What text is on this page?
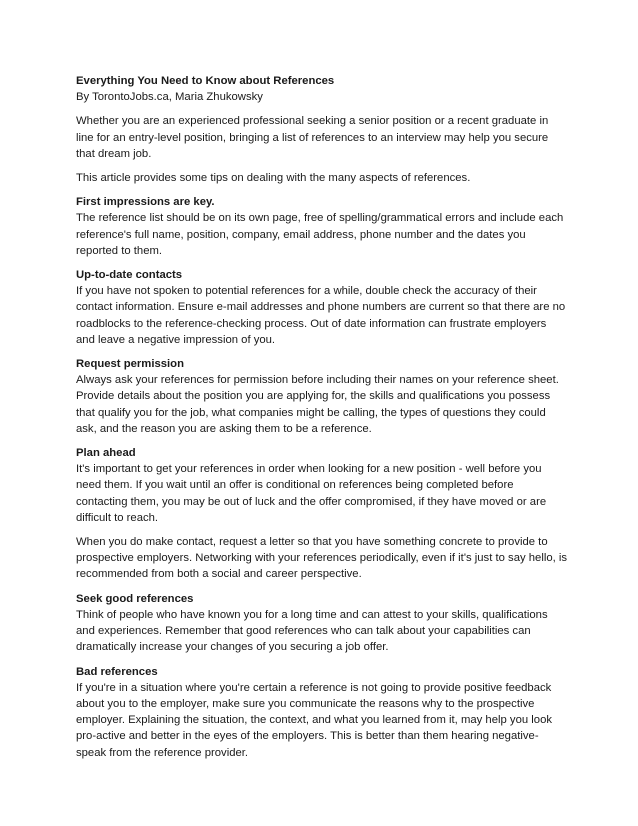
Everything You Need to Know about References

By TorontoJobs.ca, Maria Zhukowsky

Whether you are an experienced professional seeking a senior position or a recent graduate in line for an entry-level position, bringing a list of references to an interview may help you secure that dream job.

This article provides some tips on dealing with the many aspects of references.

First impressions are key.

The reference list should be on its own page, free of spelling/grammatical errors and include each reference's full name, position, company, email address, phone number and the dates you reported to them.

Up-to-date contacts

If you have not spoken to potential references for a while, double check the accuracy of their contact information. Ensure e-mail addresses and phone numbers are current so that there are no roadblocks to the reference-checking process. Out of date information can frustrate employers and leave a negative impression of you.

Request permission

Always ask your references for permission before including their names on your reference sheet. Provide details about the position you are applying for, the skills and qualifications you possess that qualify you for the job, what companies might be calling, the types of questions they could ask, and the reason you are asking them to be a reference.

Plan ahead

It's important to get your references in order when looking for a new position - well before you need them. If you wait until an offer is conditional on references being completed before contacting them, you may be out of luck and the offer compromised, if they have moved or are difficult to reach.

When you do make contact, request a letter so that you have something concrete to provide to prospective employers. Networking with your references periodically, even if it's just to say hello, is recommended from both a social and career perspective.

Seek good references

Think of people who have known you for a long time and can attest to your skills, qualifications and experiences. Remember that good references who can talk about your capabilities can dramatically increase your changes of you securing a job offer.

Bad references

If you're in a situation where you're certain a reference is not going to provide positive feedback about you to the employer, make sure you communicate the reasons why to the prospective employer. Explaining the situation, the context, and what you learned from it, may help you look pro-active and better in the eyes of the employers. This is better than them hearing negative-speak from the reference provider.
